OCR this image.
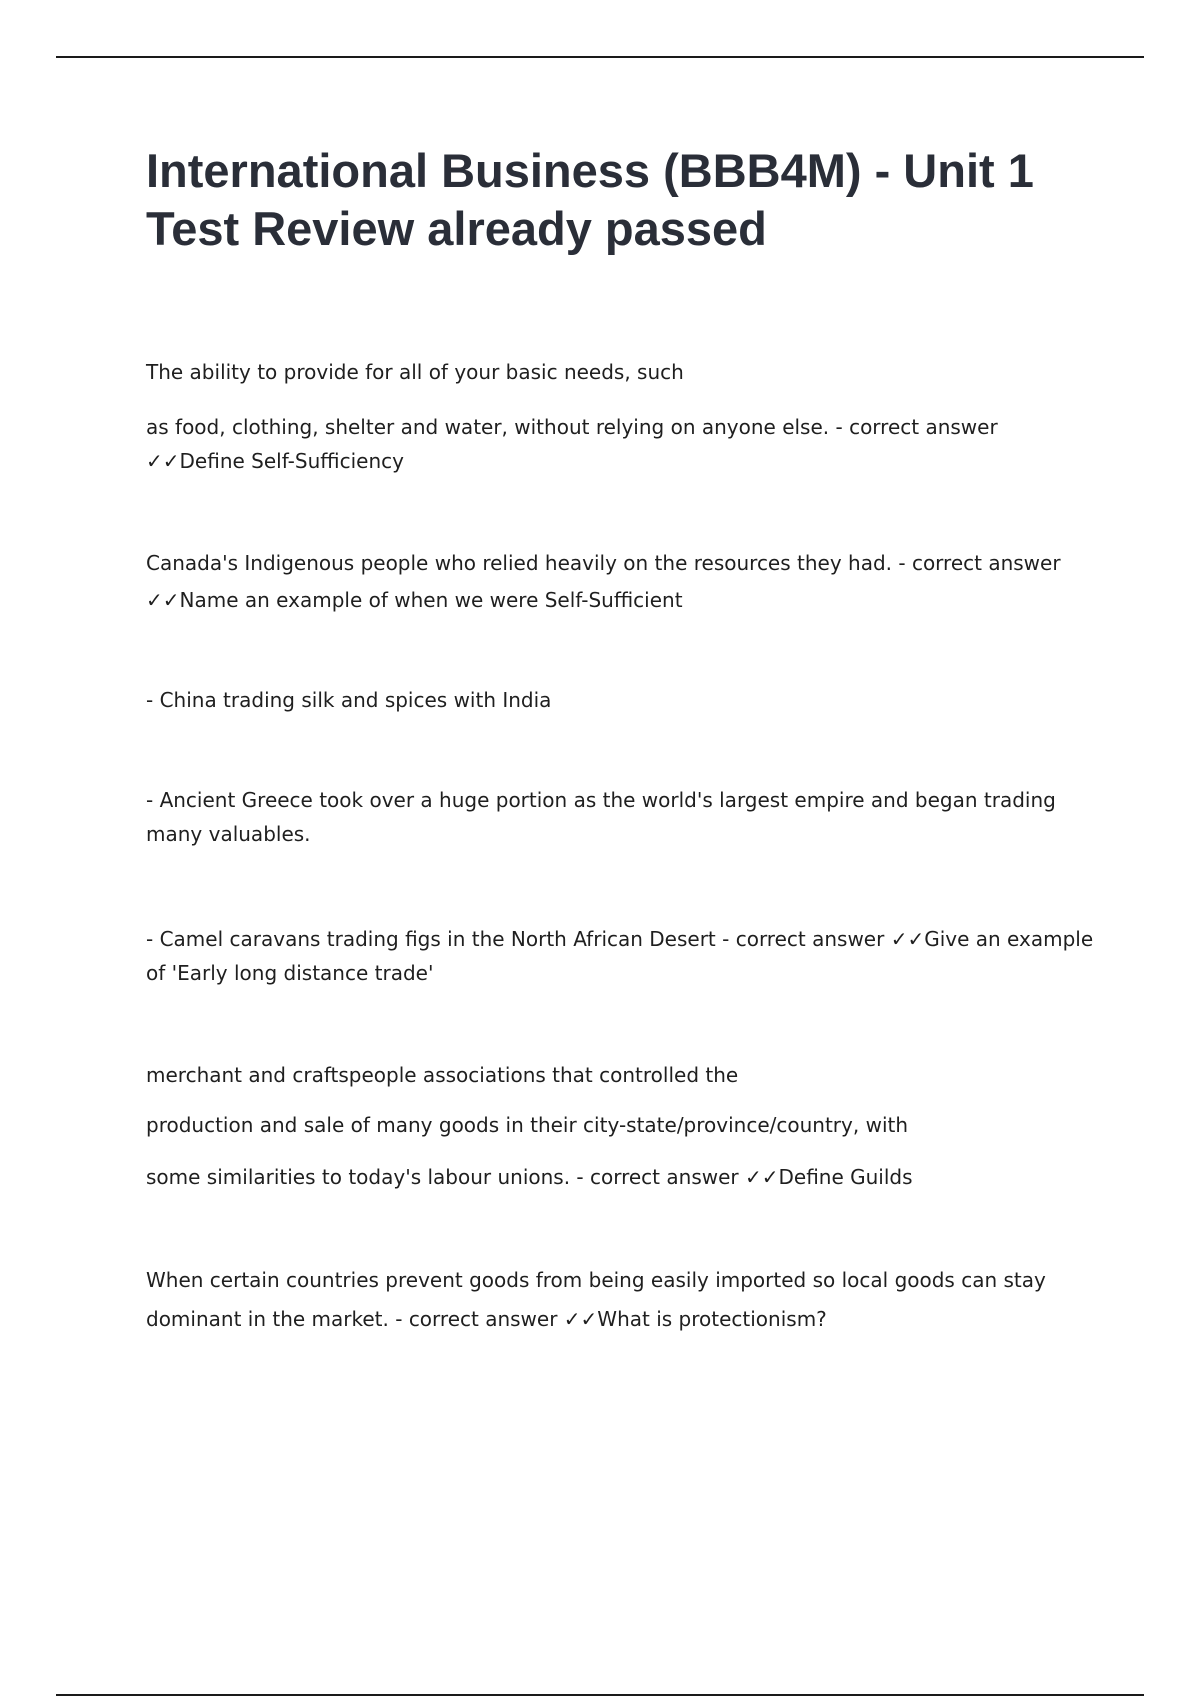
International Business (BBB4M) - Unit 1 Test Review already passed

The ability to provide for all of your basic needs, such

as food, clothing, shelter and water, without relying on anyone else. - correct answer ✓✓Define Self-Sufficiency

Canada's Indigenous people who relied heavily on the resources they had. - correct answer ✓✓Name an example of when we were Self-Sufficient

- China trading silk and spices with India

- Ancient Greece took over a huge portion as the world's largest empire and began trading many valuables.

- Camel caravans trading figs in the North African Desert - correct answer ✓✓Give an example of 'Early long distance trade'

merchant and craftspeople associations that controlled the

production and sale of many goods in their city-state/province/country, with

some similarities to today's labour unions. - correct answer ✓✓Define Guilds

When certain countries prevent goods from being easily imported so local goods can stay dominant in the market. - correct answer ✓✓What is protectionism?
